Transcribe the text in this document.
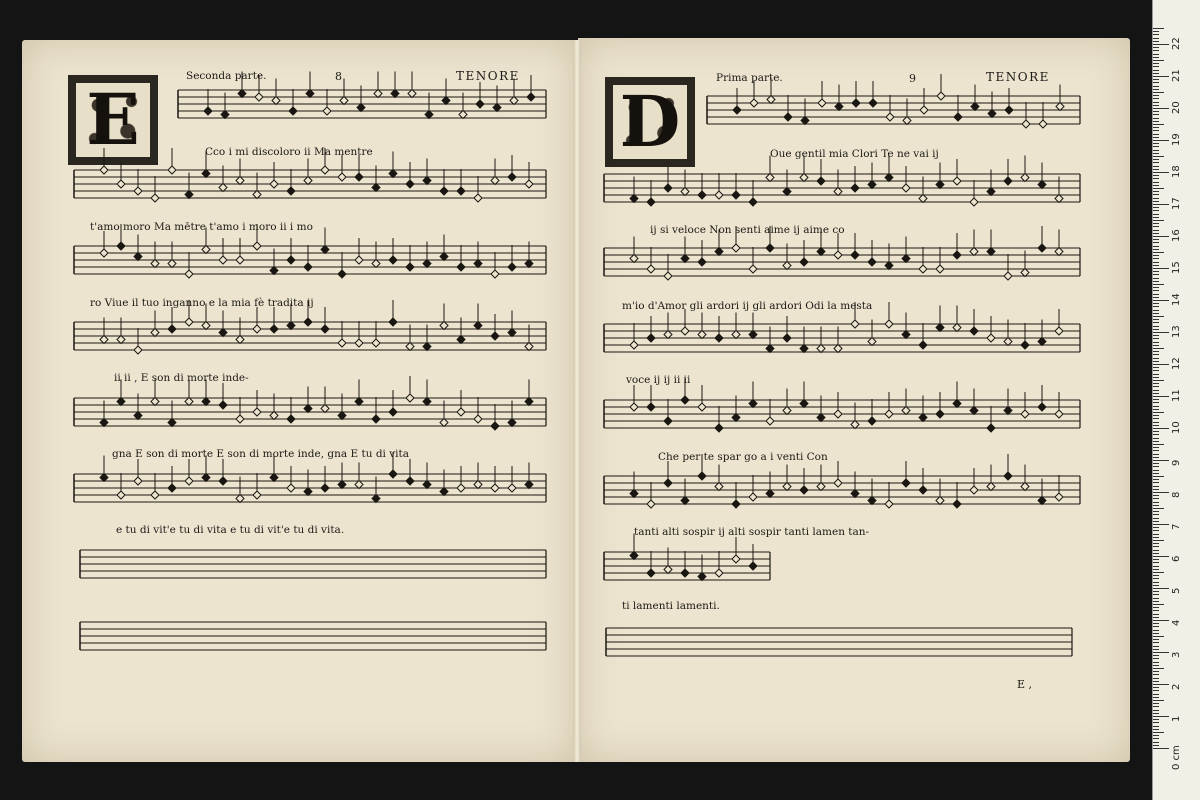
E
Seconda parte.	8	TENORE
D
Prima parte.	9	TENORE
Cco i mi discoloro ii Ma mentre
t'amo moro Ma mētre t'amo i moro ii i mo
ro Viue il tuo inganno e la mia fè tradita ij
ii ii , E son di morte inde-
gna E son di morte E son di morte inde, gna E tu di vita
e tu di vit'e tu di vita e tu di vit'e tu di vita.
Oue gentil mia Clori Te ne vai ij
ij si veloce Non senti aime ij aime co
m'io d'Amor gli ardori ij gli ardori Odi la mesta
voce ij ij ii ii
Che per te spar go a i venti Con
tanti alti sospir ij alti sospir tanti lamen tan-
ti lamenti lamenti.
E ,
0 cm
1
2
3
4
5
6
7
8
9
10
11
12
13
14
15
16
17
18
19
20
21
22
